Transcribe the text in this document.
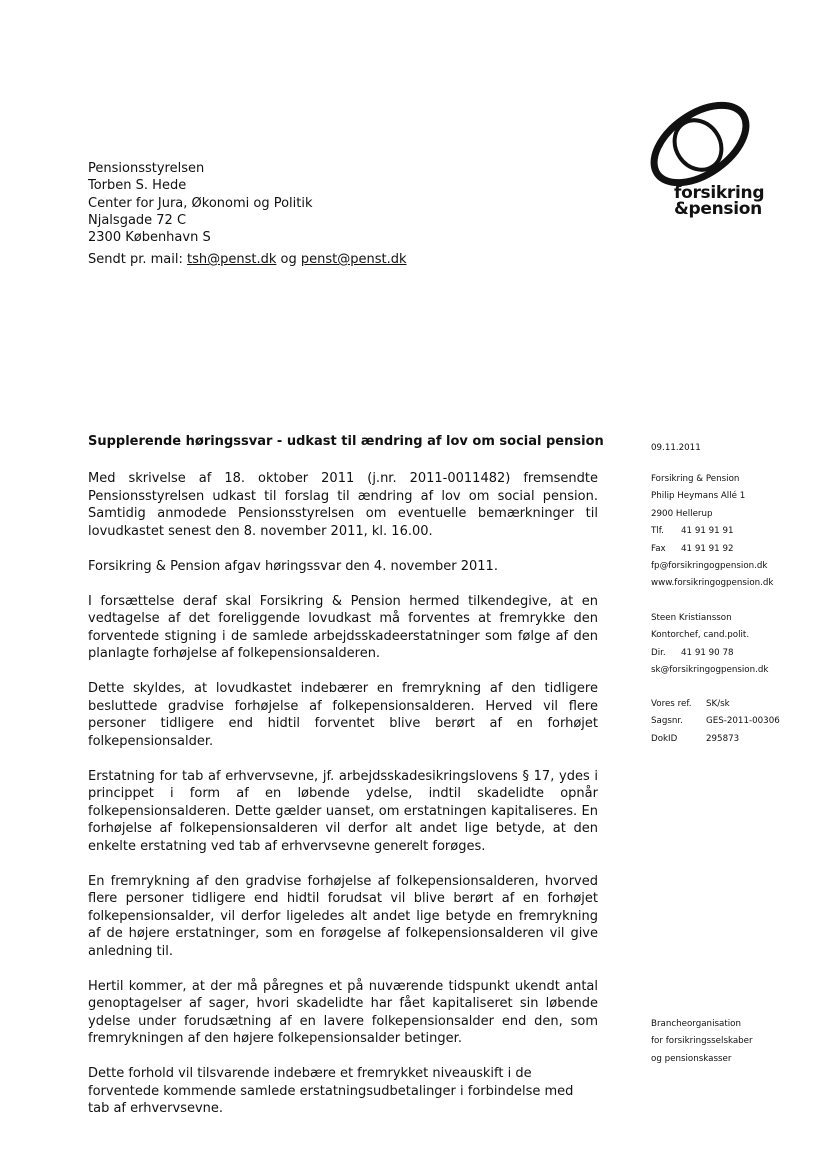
Pensionsstyrelsen
Torben S. Hede
Center for Jura, Økonomi og Politik
Njalsgade 72 C
2300 København S
Sendt pr. mail: tsh@penst.dk og penst@penst.dk
forsikring
&pension
Supplerende høringssvar - udkast til ændring af lov om social pension

Med skrivelse af 18. oktober 2011 (j.nr. 2011-0011482) fremsendte Pensionsstyrelsen udkast til forslag til ændring af lov om social pension. Samtidig anmodede Pensionsstyrelsen om eventuelle bemærkninger til lovudkastet senest den 8. november 2011, kl. 16.00.

Forsikring & Pension afgav høringssvar den 4. november 2011.

I forsættelse deraf skal Forsikring & Pension hermed tilkendegive, at en vedtagelse af det foreliggende lovudkast må forventes at fremrykke den forventede stigning i de samlede arbejdsskadeerstatninger som følge af den planlagte forhøjelse af folkepensionsalderen.

Dette skyldes, at lovudkastet indebærer en fremrykning af den tidligere besluttede gradvise forhøjelse af folkepensionsalderen. Herved vil flere personer tidligere end hidtil forventet blive berørt af en forhøjet folkepensionsalder.

Erstatning for tab af erhvervsevne, jf. arbejdsskadesikringslovens § 17, ydes i princippet i form af en løbende ydelse, indtil skadelidte opnår folkepensionsalderen. Dette gælder uanset, om erstatningen kapitaliseres. En forhøjelse af folkepensionsalderen vil derfor alt andet lige betyde, at den enkelte erstatning ved tab af erhvervsevne generelt forøges.

En fremrykning af den gradvise forhøjelse af folkepensionsalderen, hvorved flere personer tidligere end hidtil forudsat vil blive berørt af en forhøjet folkepensionsalder, vil derfor ligeledes alt andet lige betyde en fremrykning af de højere erstatninger, som en forøgelse af folkepensionsalderen vil give anledning til.

Hertil kommer, at der må påregnes et på nuværende tidspunkt ukendt antal genoptagelser af sager, hvori skadelidte har fået kapitaliseret sin løbende ydelse under forudsætning af en lavere folkepensionsalder end den, som fremrykningen af den højere folkepensionsalder betinger.

Dette forhold vil tilsvarende indebære et fremrykket niveauskift i de forventede kommende samlede erstatningsudbetalinger i forbindelse med tab af erhvervsevne.

09.11.2011
Forsikring & Pension
Philip Heymans Allé 1
2900 Hellerup
Tlf. 41 91 91 91
Fax 41 91 91 92
fp@forsikringogpension.dk
www.forsikringogpension.dk
Steen Kristiansson
Kontorchef, cand.polit.
Dir. 41 91 90 78
sk@forsikringogpension.dk
Vores ref. SK/sk
Sagsnr.	GES-2011-00306
DokID	295873
Brancheorganisation
for forsikringsselskaber
og pensionskasser
